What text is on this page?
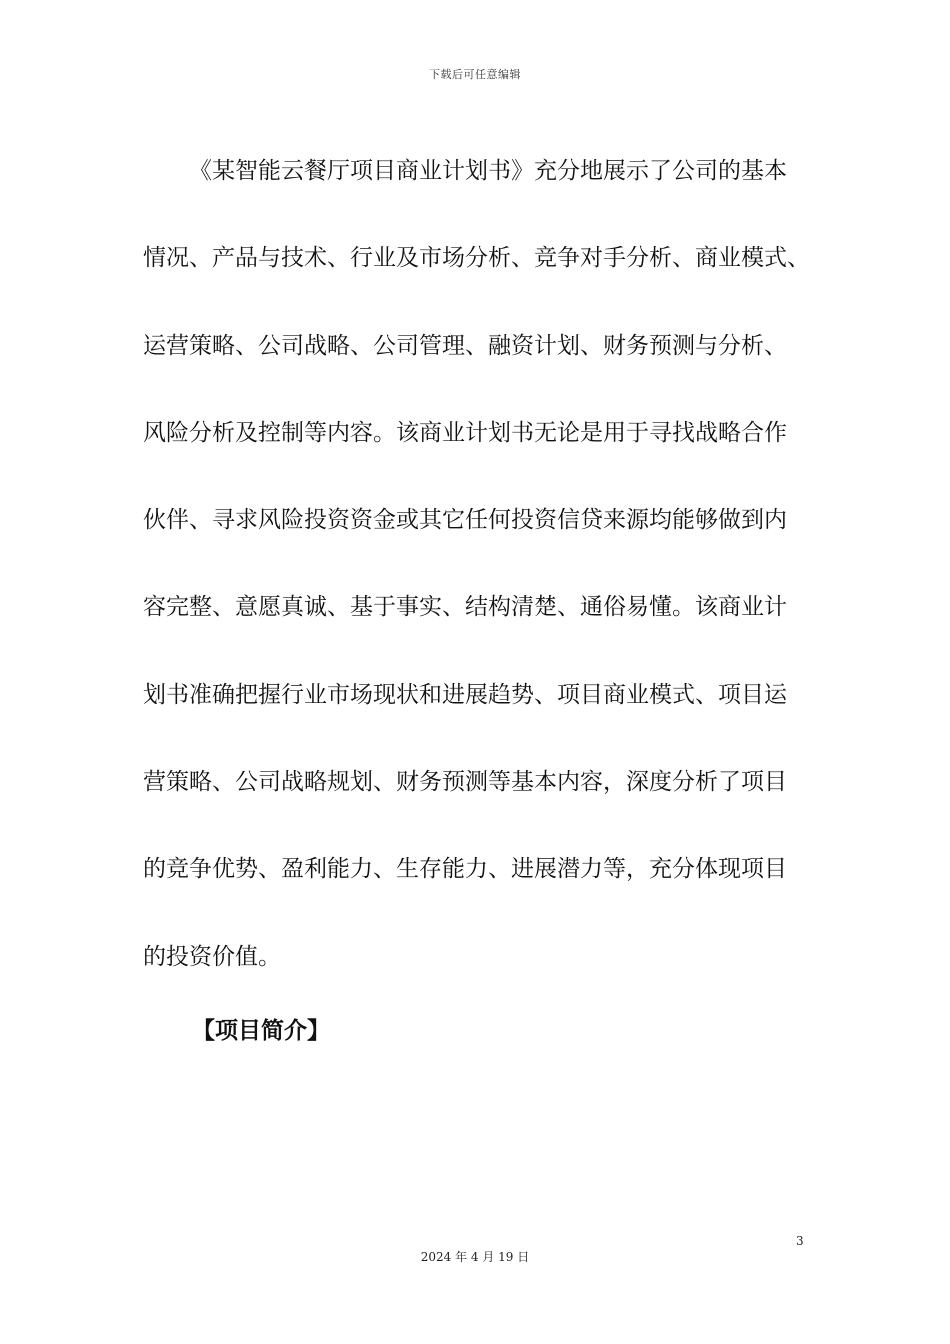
下载后可任意编辑
《某智能云餐厅项目商业计划书》充分地展示了公司的基本
情况、产品与技术、行业及市场分析、竞争对手分析、商业模式、
运营策略、公司战略、公司管理、融资计划、财务预测与分析、
风险分析及控制等内容。该商业计划书无论是用于寻找战略合作
伙伴、寻求风险投资资金或其它任何投资信贷来源均能够做到内
容完整、意愿真诚、基于事实、结构清楚、通俗易懂。该商业计
划书准确把握行业市场现状和进展趋势、项目商业模式、项目运
营策略、公司战略规划、财务预测等基本内容，深度分析了项目
的竞争优势、盈利能力、生存能力、进展潜力等，充分体现项目
的投资价值。
【项目简介】
3
2024 年 4 月 19 日
